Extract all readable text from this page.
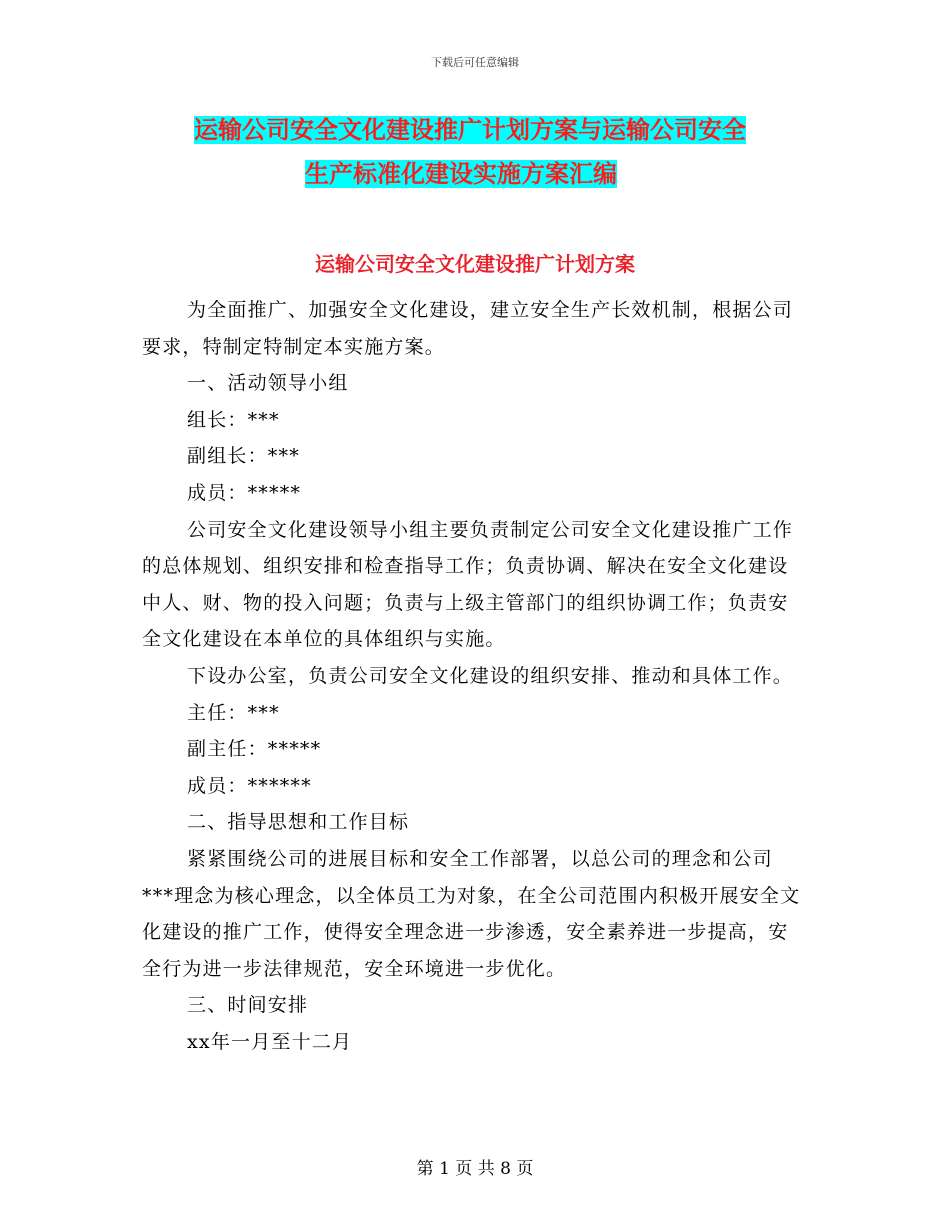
下载后可任意编辑
运输公司安全文化建设推广计划方案与运输公司安全
生产标准化建设实施方案汇编
运输公司安全文化建设推广计划方案

为全面推广、加强安全文化建设，建立安全生产长效机制，根据公司要求，特制定特制定本实施方案。

一、活动领导小组

组长：***

副组长：***

成员：*****

公司安全文化建设领导小组主要负责制定公司安全文化建设推广工作的总体规划、组织安排和检查指导工作；负责协调、解决在安全文化建设中人、财、物的投入问题；负责与上级主管部门的组织协调工作；负责安全文化建设在本单位的具体组织与实施。

下设办公室，负责公司安全文化建设的组织安排、推动和具体工作。

主任：***

副主任：*****

成员：******

二、指导思想和工作目标

紧紧围绕公司的进展目标和安全工作部署，以总公司的理念和公司***理念为核心理念，以全体员工为对象，在全公司范围内积极开展安全文化建设的推广工作，使得安全理念进一步渗透，安全素养进一步提高，安全行为进一步法律规范，安全环境进一步优化。

三、时间安排

xx年一月至十二月

第 1 页 共 8 页
